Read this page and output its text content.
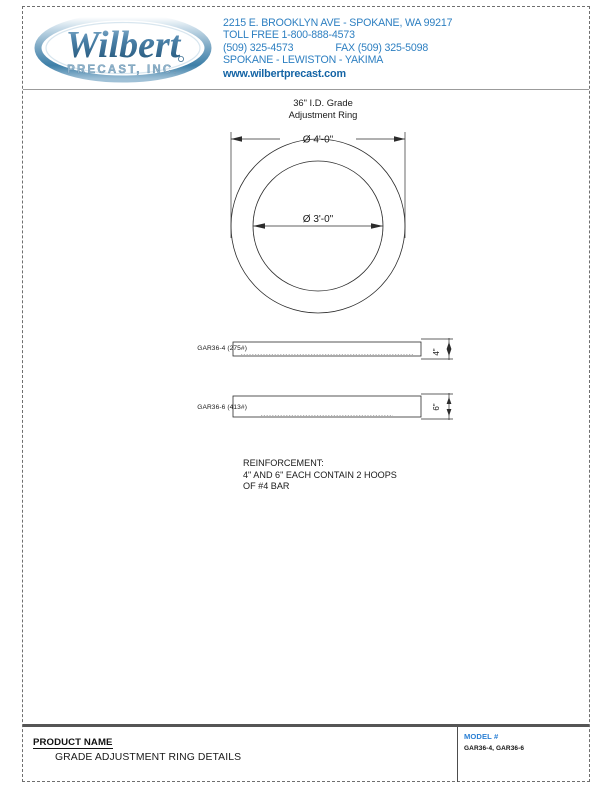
Wilbert
PRECAST, INC.
2215 E. BROOKLYN AVE - SPOKANE, WA 99217
TOLL FREE 1-800-888-4573
(509) 325-4573	FAX (509) 325-5098
SPOKANE - LEWISTON - YAKIMA
www.wilbertprecast.com
36" I.D. Grade
Adjustment Ring
Ø 4'-0"
Ø 3'-0"
GAR36-4 (275#)	4"
GAR36-6 (413#)	6"
REINFORCEMENT:
4" AND 6" EACH CONTAIN 2 HOOPS
OF #4 BAR
PRODUCT NAME
GRADE ADJUSTMENT RING DETAILS
MODEL #
GAR36-4, GAR36-6
